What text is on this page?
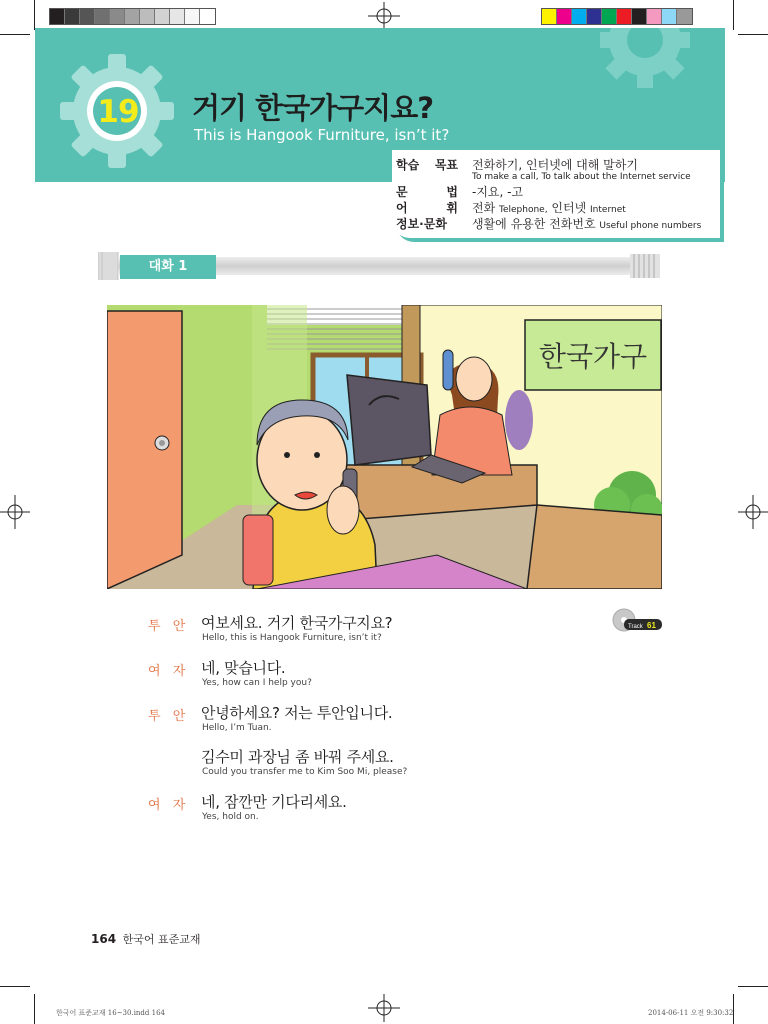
19 거기 한국가구지요?
This is Hangook Furniture, isn’t it?
학습 목표 전화하기, 인터넷에 대해 말하기
To make a call, To talk about the Internet service
문 법 -지요, -고
어 휘 전화 Telephone, 인터넷 Internet
정보·문화	생활에 유용한 전화번호 Useful phone numbers
대화 1
한국가구
Track 61
투 안 여보세요. 거기 한국가구지요?
Hello, this is Hangook Furniture, isn’t it?
여 자 네, 맞습니다.
Yes, how can I help you?
투 안 안녕하세요? 저는 투안입니다.
Hello, I’m Tuan.
김수미 과장님 좀 바꿔 주세요.
Could you transfer me to Kim Soo Mi, please?
여 자 네, 잠깐만 기다리세요.
Yes, hold on.
164 한국어 표준교재
한국어 표준교재 16~30.indd 164	2014-06-11 오전 9:30:32
